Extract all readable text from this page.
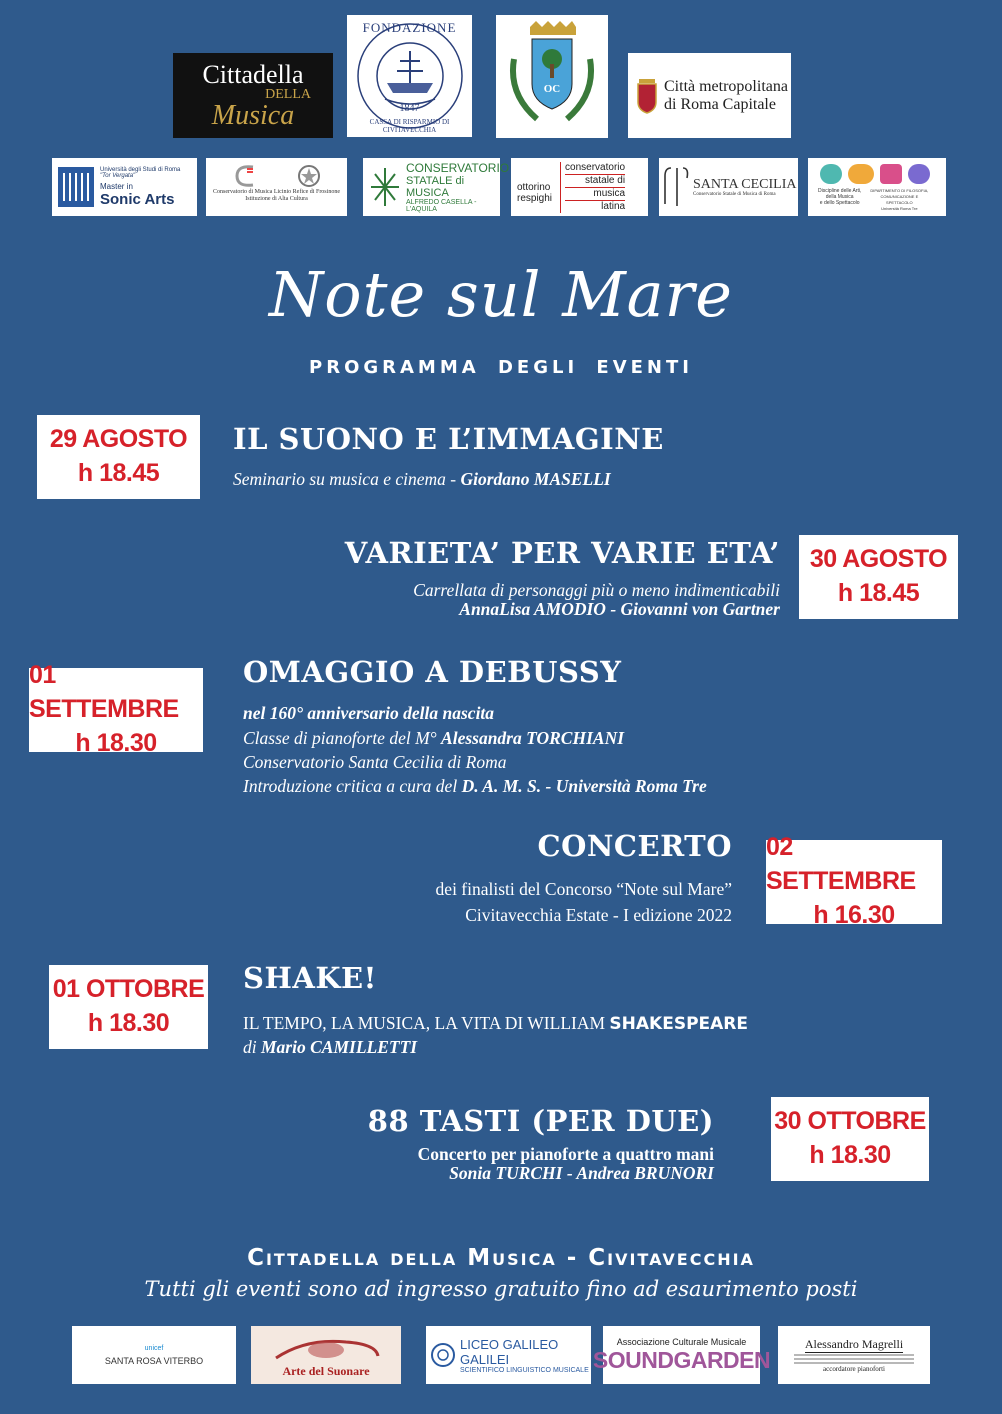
Cittadella
DELLA
Musica
FONDAZIONE
1847
CASSA DI RISPARMIO DI CIVITAVECCHIA
OC	Città metropolitana
di Roma Capitale
Università degli Studi di Roma
"Tor Vergata"
Master in
Sonic Arts	Conservatorio di Musica Licinio Refice di Frosinone
Istituzione di Alta Cultura
CONSERVATORIO
STATALE di MUSICA
ALFREDO CASELLA - L'AQUILA
ottorino
respighi
conservatorio
statale di
musica
latina
SANTA CECILIA
Conservatorio Statale di Musica di Roma
Discipline delle Arti,
della Musica
e dello Spettacolo
DIPARTIMENTO DI FILOSOFIA, COMUNICAZIONE E SPETTACOLO
Università Roma Tre
Note sul Mare
PROGRAMMA DEGLI EVENTI
29 AGOSTO
h 18.45
IL SUONO E L’IMMAGINE
Seminario su musica e cinema - Giordano MASELLI
VARIETA’ PER VARIE ETA’
Carrellata di personaggi più o meno indimenticabili
AnnaLisa AMODIO - Giovanni von Gartner
30 AGOSTO
h 18.45
01 SETTEMBRE
h 18.30
OMAGGIO A DEBUSSY
nel 160° anniversario della nascita
Classe di pianoforte del M° Alessandra TORCHIANI
Conservatorio Santa Cecilia di Roma
Introduzione critica a cura del D. A. M. S. - Università Roma Tre
CONCERTO
dei finalisti del Concorso “Note sul Mare”
Civitavecchia Estate - I edizione 2022
02 SETTEMBRE
h 16.30
01 OTTOBRE
h 18.30
SHAKE!
IL TEMPO, LA MUSICA, LA VITA DI WILLIAM SHAKESPEARE
di Mario CAMILLETTI
88 TASTI (PER DUE)
Concerto per pianoforte a quattro mani
Sonia TURCHI - Andrea BRUNORI
30 OTTOBRE
h 18.30
Cittadella della Musica - Civitavecchia
Tutti gli eventi sono ad ingresso gratuito fino ad esaurimento posti
unicef
SANTA ROSA VITERBO
Arte del Suonare
LICEO GALILEO GALILEI
SCIENTIFICO LINGUISTICO MUSICALE
Associazione Culturale Musicale
SOUNDGARDEN
Alessandro Magrelli
accordatore pianoforti
